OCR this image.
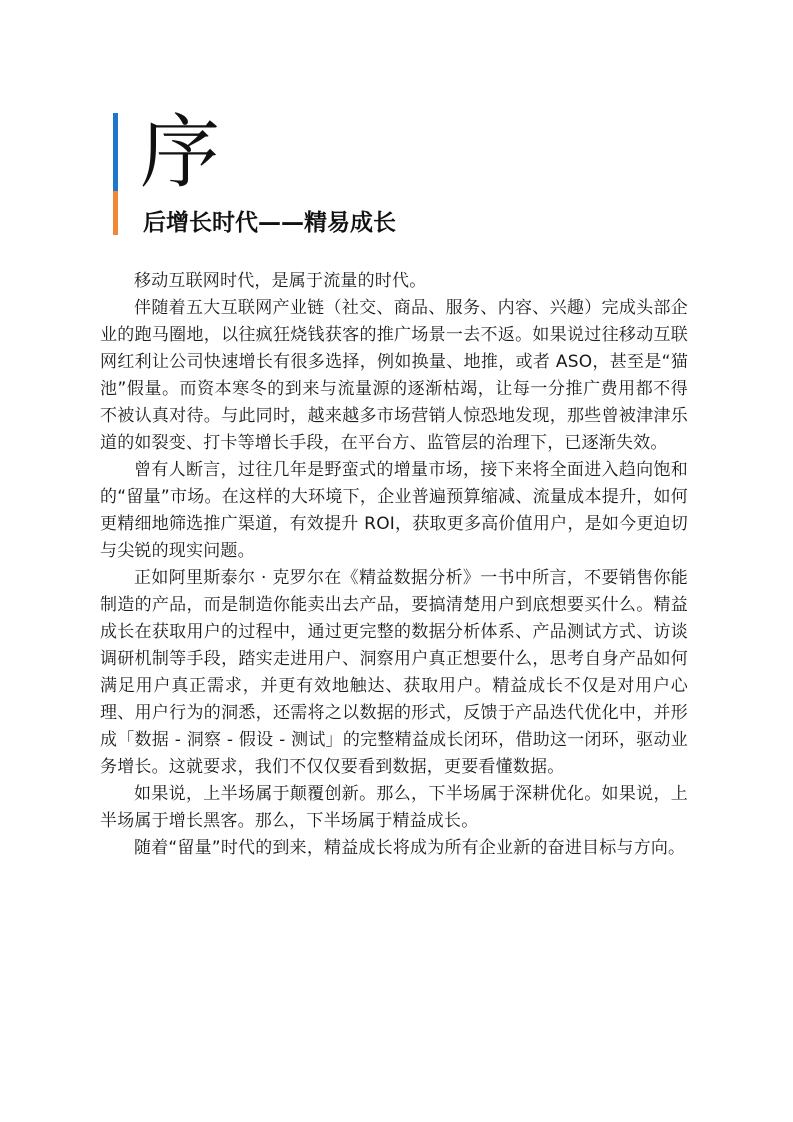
序
后增长时代——精易成长

移动互联网时代，是属于流量的时代。

伴随着五大互联网产业链（社交、商品、服务、内容、兴趣）完成头部企业的跑马圈地，以往疯狂烧钱获客的推广场景一去不返。如果说过往移动互联网红利让公司快速增长有很多选择，例如换量、地推，或者 ASO，甚至是“猫池”假量。而资本寒冬的到来与流量源的逐渐枯竭，让每一分推广费用都不得不被认真对待。与此同时，越来越多市场营销人惊恐地发现，那些曾被津津乐道的如裂变、打卡等增长手段，在平台方、监管层的治理下，已逐渐失效。

曾有人断言，过往几年是野蛮式的增量市场，接下来将全面进入趋向饱和的“留量”市场。在这样的大环境下，企业普遍预算缩减、流量成本提升，如何更精细地筛选推广渠道，有效提升 ROI，获取更多高价值用户，是如今更迫切与尖锐的现实问题。

正如阿里斯泰尔 · 克罗尔在《精益数据分析》一书中所言，不要销售你能制造的产品，而是制造你能卖出去产品，要搞清楚用户到底想要买什么。精益成长在获取用户的过程中，通过更完整的数据分析体系、产品测试方式、访谈调研机制等手段，踏实走进用户、洞察用户真正想要什么，思考自身产品如何满足用户真正需求，并更有效地触达、获取用户。精益成长不仅是对用户心理、用户行为的洞悉，还需将之以数据的形式，反馈于产品迭代优化中，并形成「数据 - 洞察 - 假设 - 测试」的完整精益成长闭环，借助这一闭环，驱动业务增长。这就要求，我们不仅仅要看到数据，更要看懂数据。

如果说，上半场属于颠覆创新。那么，下半场属于深耕优化。如果说，上半场属于增长黑客。那么，下半场属于精益成长。

随着“留量”时代的到来，精益成长将成为所有企业新的奋进目标与方向。
